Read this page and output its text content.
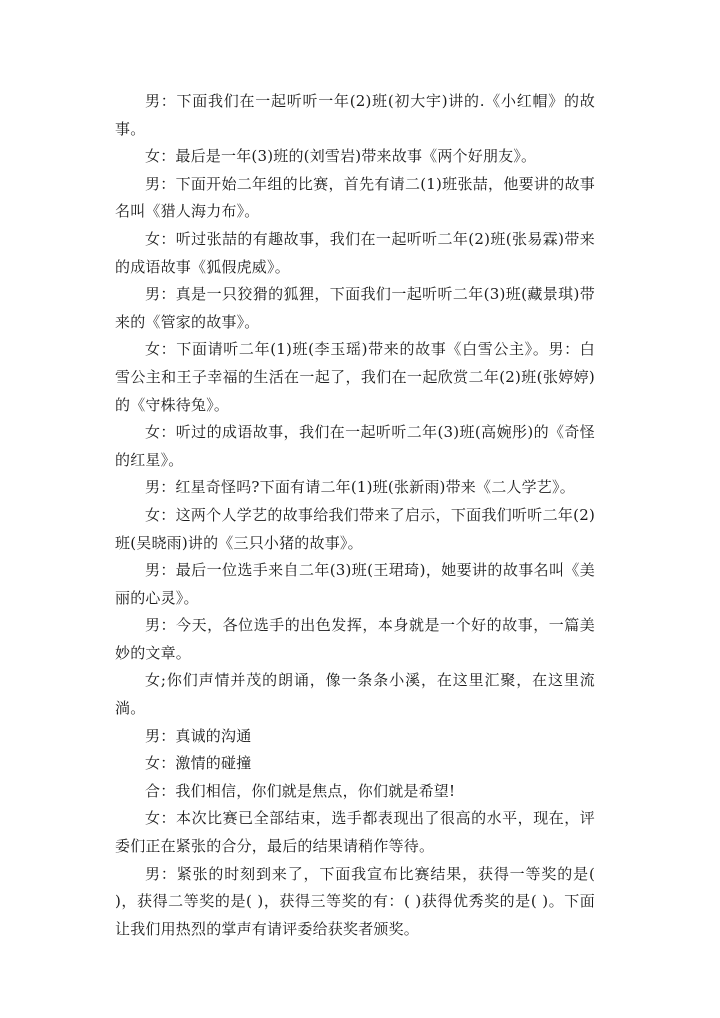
男：下面我们在一起听听一年(2)班(初大宇)讲的.《小红帽》的故事。

女：最后是一年(3)班的(刘雪岩)带来故事《两个好朋友》。

男：下面开始二年组的比赛，首先有请二(1)班张喆，他要讲的故事名叫《猎人海力布》。

女：听过张喆的有趣故事，我们在一起听听二年(2)班(张易霖)带来的成语故事《狐假虎威》。

男：真是一只狡猾的狐狸，下面我们一起听听二年(3)班(藏景琪)带来的《管家的故事》。

女：下面请听二年(1)班(李玉瑶)带来的故事《白雪公主》。男：白雪公主和王子幸福的生活在一起了，我们在一起欣赏二年(2)班(张婷婷)的《守株待兔》。

女：听过的成语故事，我们在一起听听二年(3)班(高婉彤)的《奇怪的红星》。

男：红星奇怪吗?下面有请二年(1)班(张新雨)带来《二人学艺》。

女：这两个人学艺的故事给我们带来了启示，下面我们听听二年(2)班(吴晓雨)讲的《三只小猪的故事》。

男：最后一位选手来自二年(3)班(王珺琦)，她要讲的故事名叫《美丽的心灵》。

男：今天，各位选手的出色发挥，本身就是一个好的故事，一篇美妙的文章。

女;你们声情并茂的朗诵，像一条条小溪，在这里汇聚，在这里流淌。

男：真诚的沟通

女：激情的碰撞

合：我们相信，你们就是焦点，你们就是希望!

女：本次比赛已全部结束，选手都表现出了很高的水平，现在，评委们正在紧张的合分，最后的结果请稍作等待。

男：紧张的时刻到来了，下面我宣布比赛结果，获得一等奖的是( )，获得二等奖的是( )，获得三等奖的有：( )获得优秀奖的是( )。下面让我们用热烈的掌声有请评委给获奖者颁奖。
